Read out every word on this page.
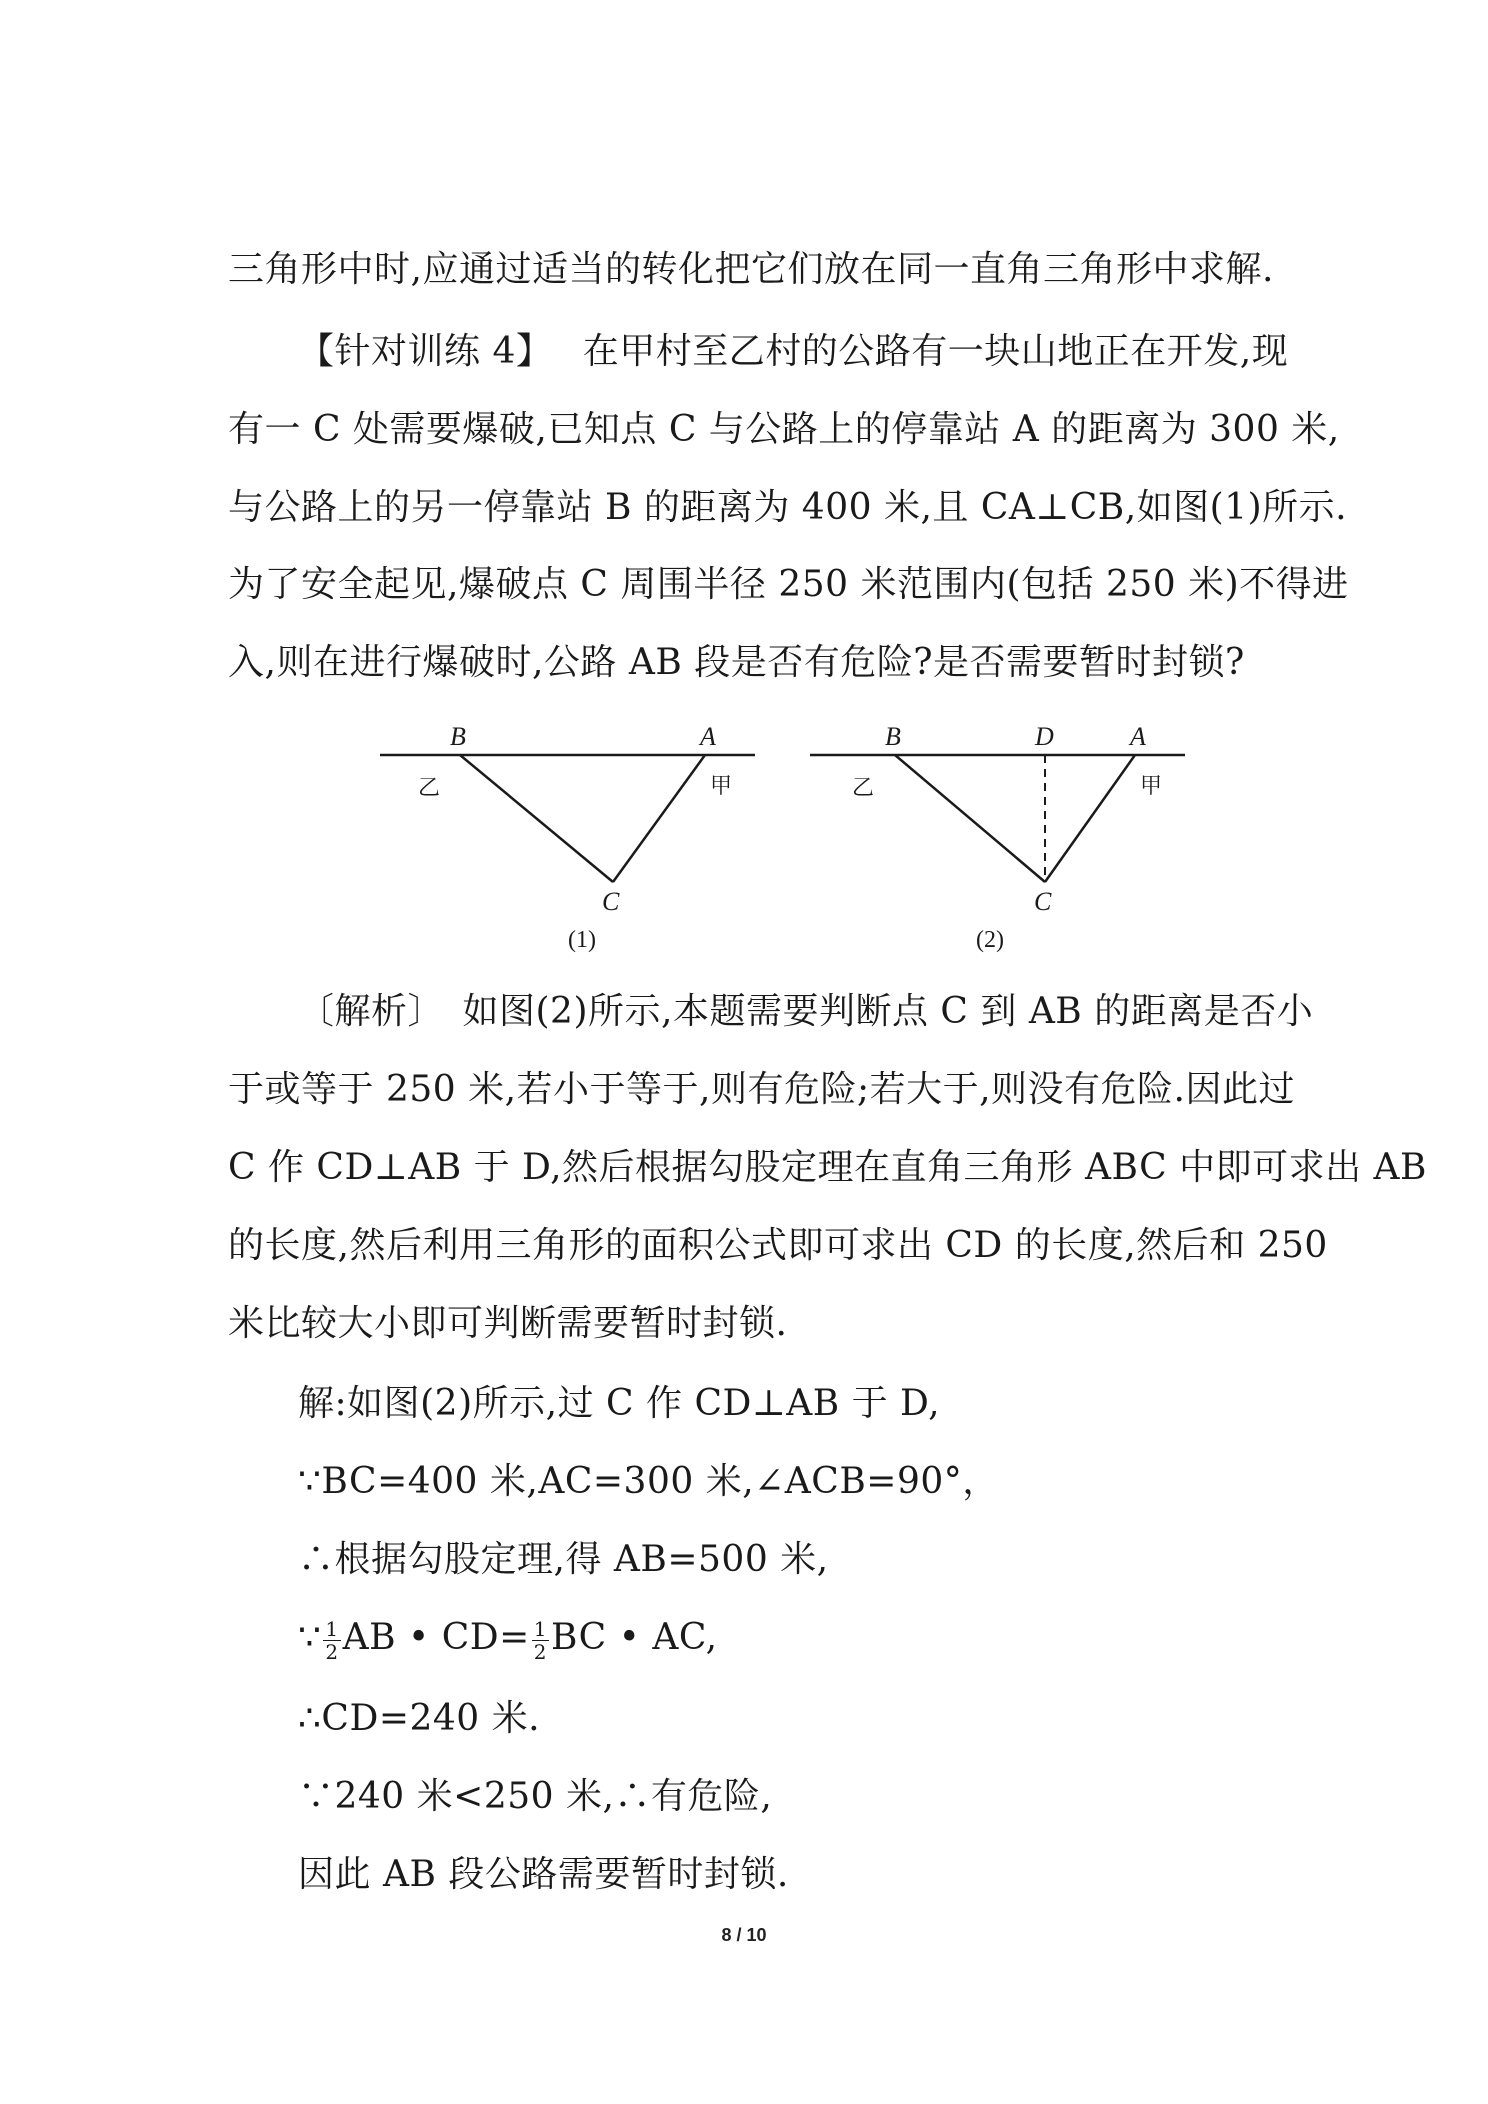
三角形中时,应通过适当的转化把它们放在同一直角三角形中求解.
【针对训练 4】　 在甲村至乙村的公路有一块山地正在开发,现
有一 C 处需要爆破,已知点 C 与公路上的停靠站 A 的距离为 300 米,
与公路上的另一停靠站 B 的距离为 400 米,且 CA⊥CB,如图(1)所示.
为了安全起见,爆破点 C 周围半径 250 米范围内(包括 250 米)不得进
入,则在进行爆破时,公路 AB 段是否有危险?是否需要暂时封锁?
B	A
C
乙	甲
(1)
B	D	A
C
乙	甲
(2)
〔解析〕　如图(2)所示,本题需要判断点 C 到 AB 的距离是否小
于或等于 250 米,若小于等于,则有危险;若大于,则没有危险.因此过
C 作 CD⊥AB 于 D,然后根据勾股定理在直角三角形 ABC 中即可求出 AB
的长度,然后利用三角形的面积公式即可求出 CD 的长度,然后和 250
米比较大小即可判断需要暂时封锁.
解:如图(2)所示,过 C 作 CD⊥AB 于 D,
∵BC=400 米,AC=300 米,∠ACB=90°，
∴根据勾股定理,得 AB=500 米,
∵ $\frac{1}{2}$ AB • $CD= \frac{1}{2}$ BC • AC,
∴CD=240 米.
∵240 米<250 米,∴有危险,
因此 AB 段公路需要暂时封锁.
8 / 10
